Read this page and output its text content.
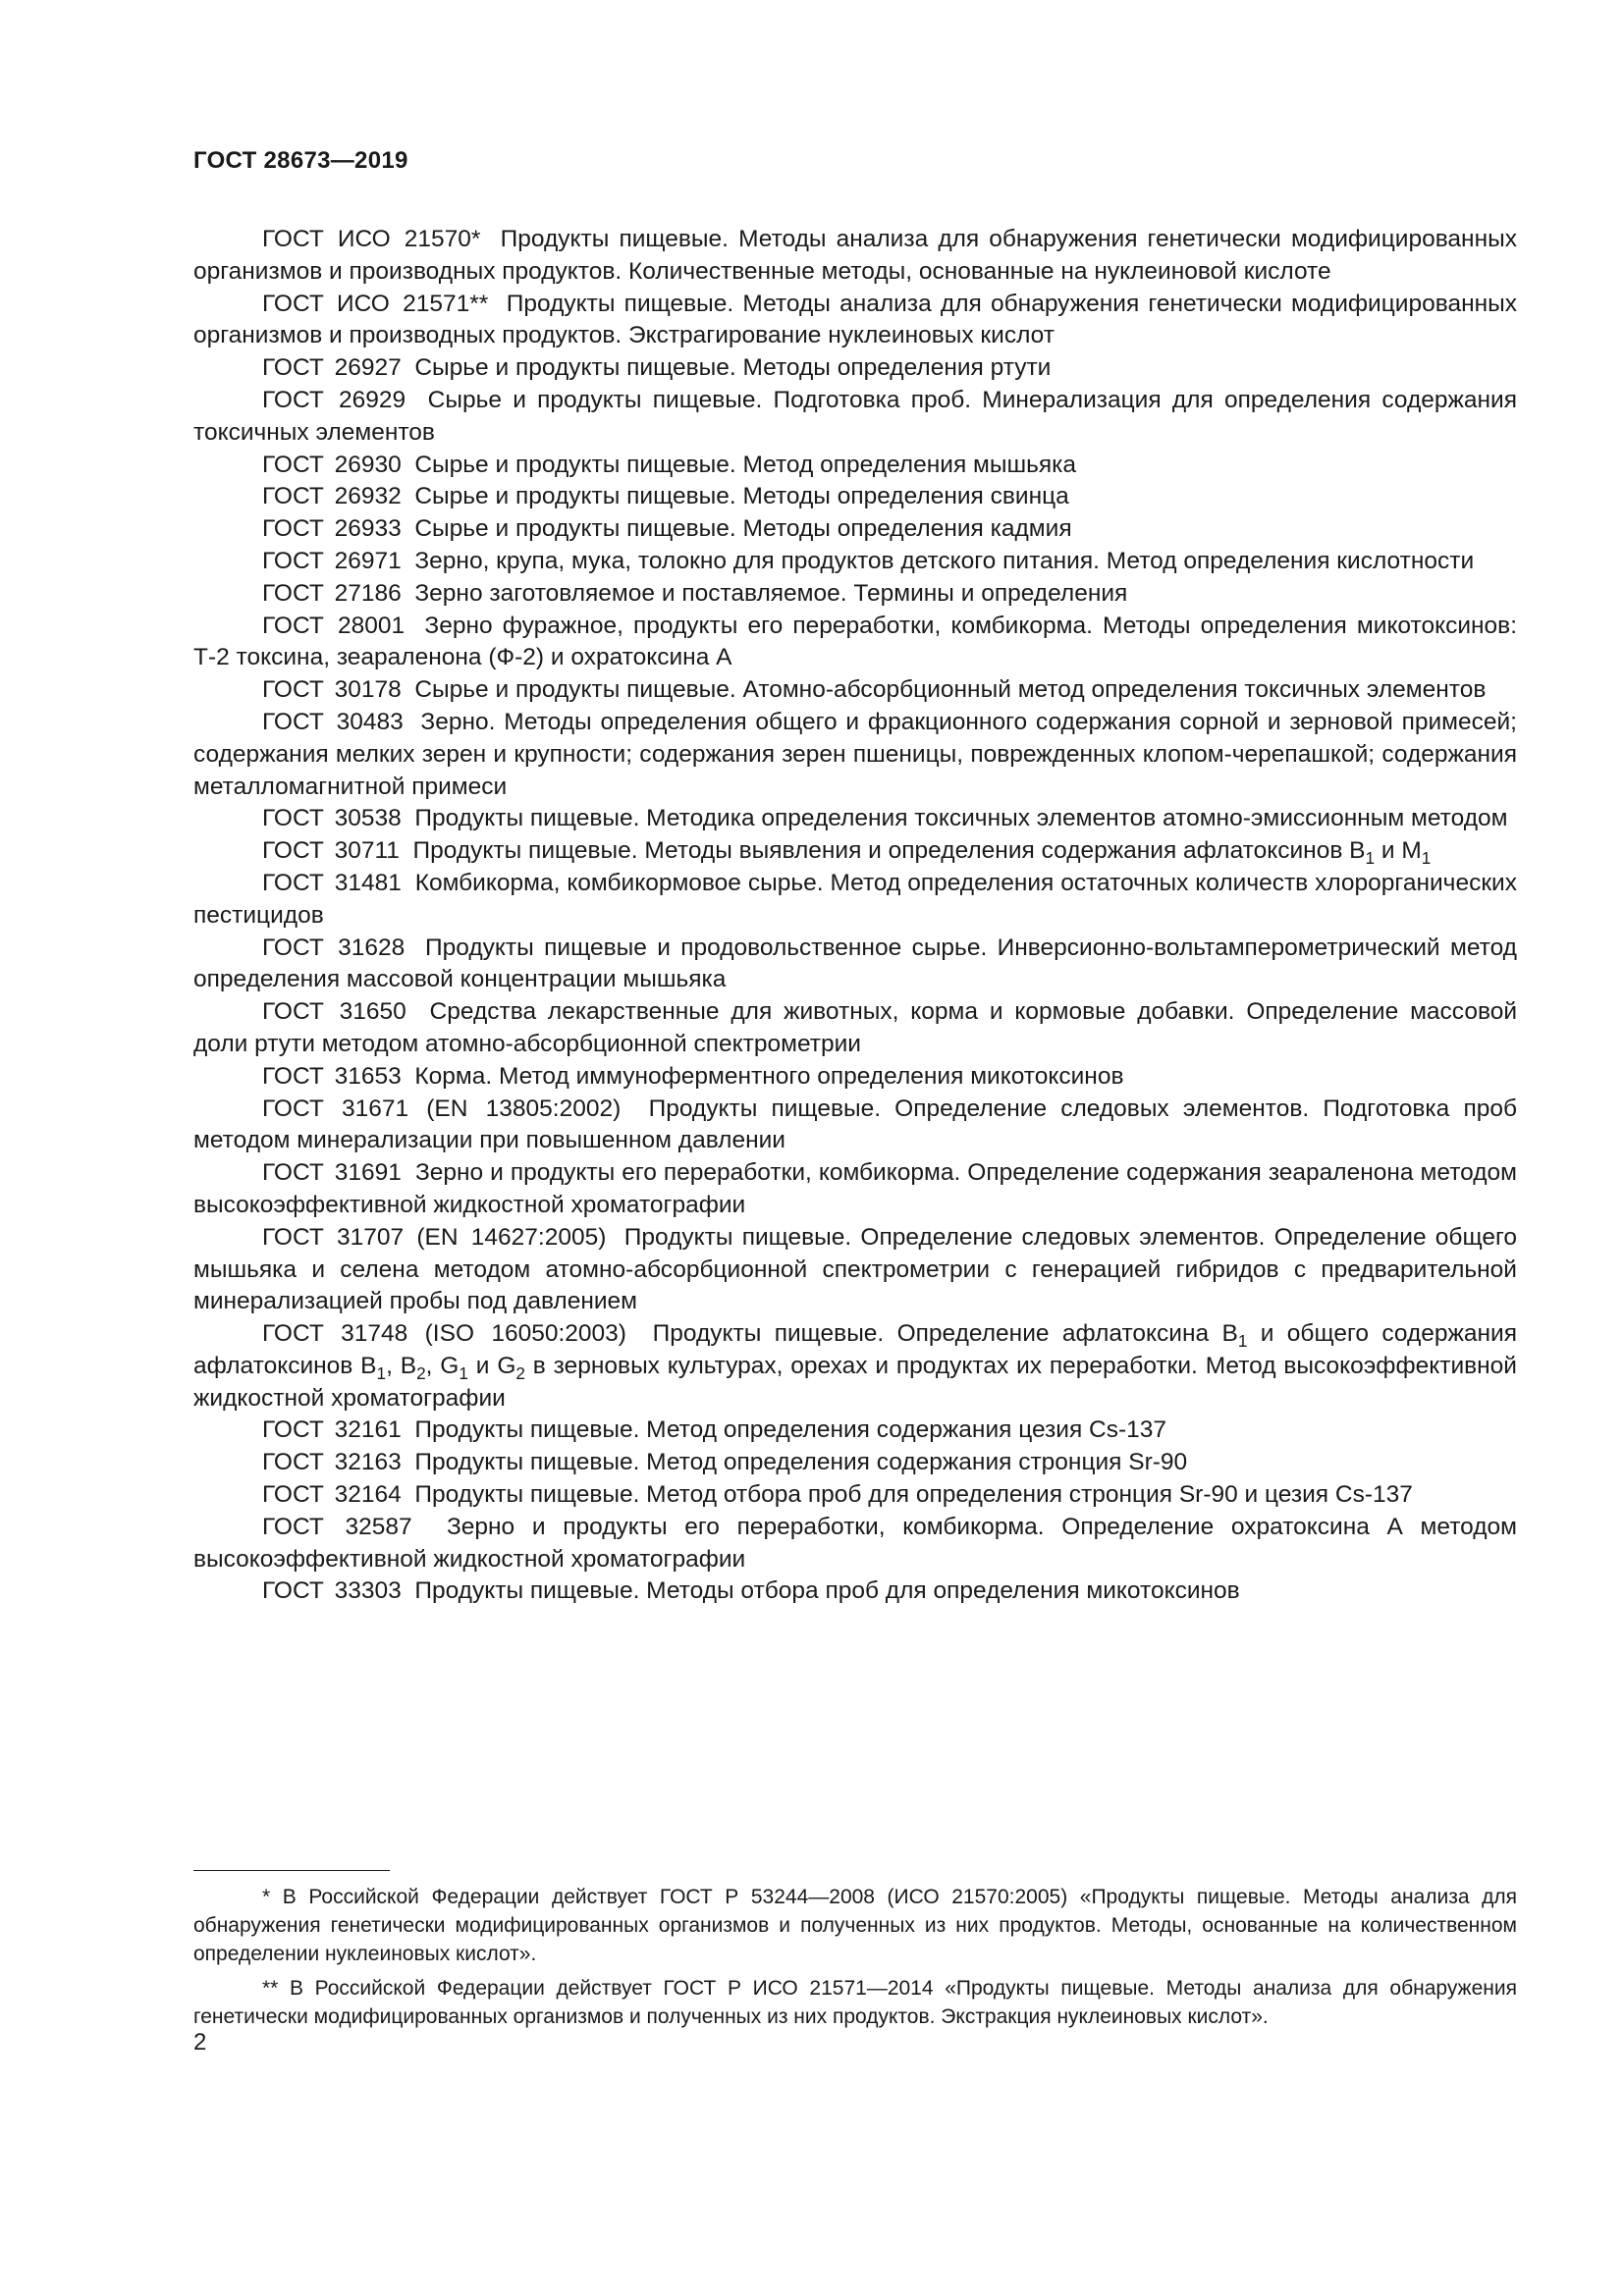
ГОСТ 28673—2019

ГОСТ ИСО 21570* Продукты пищевые. Методы анализа для обнаружения генетически модифицированных организмов и производных продуктов. Количественные методы, основанные на нуклеиновой кислоте

ГОСТ ИСО 21571** Продукты пищевые. Методы анализа для обнаружения генетически модифицированных организмов и производных продуктов. Экстрагирование нуклеиновых кислот

ГОСТ 26927 Сырье и продукты пищевые. Методы определения ртути

ГОСТ 26929 Сырье и продукты пищевые. Подготовка проб. Минерализация для определения содержания токсичных элементов

ГОСТ 26930 Сырье и продукты пищевые. Метод определения мышьяка

ГОСТ 26932 Сырье и продукты пищевые. Методы определения свинца

ГОСТ 26933 Сырье и продукты пищевые. Методы определения кадмия

ГОСТ 26971 Зерно, крупа, мука, толокно для продуктов детского питания. Метод определения кислотности

ГОСТ 27186 Зерно заготовляемое и поставляемое. Термины и определения

ГОСТ 28001 Зерно фуражное, продукты его переработки, комбикорма. Методы определения микотоксинов: Т-2 токсина, зеараленона (Ф-2) и охратоксина А

ГОСТ 30178 Сырье и продукты пищевые. Атомно-абсорбционный метод определения токсичных элементов

ГОСТ 30483 Зерно. Методы определения общего и фракционного содержания сорной и зерновой примесей; содержания мелких зерен и крупности; содержания зерен пшеницы, поврежденных клопом-черепашкой; содержания металломагнитной примеси

ГОСТ 30538 Продукты пищевые. Методика определения токсичных элементов атомно-эмиссионным методом

ГОСТ 30711 Продукты пищевые. Методы выявления и определения содержания афлатоксинов $B_1$ и $M_1$

ГОСТ 31481 Комбикорма, комбикормовое сырье. Метод определения остаточных количеств хлорорганических пестицидов

ГОСТ 31628 Продукты пищевые и продовольственное сырье. Инверсионно-вольтамперометрический метод определения массовой концентрации мышьяка

ГОСТ 31650 Средства лекарственные для животных, корма и кормовые добавки. Определение массовой доли ртути методом атомно-абсорбционной спектрометрии

ГОСТ 31653 Корма. Метод иммуноферментного определения микотоксинов

ГОСТ 31671 (EN 13805:2002) Продукты пищевые. Определение следовых элементов. Подготовка проб методом минерализации при повышенном давлении

ГОСТ 31691 Зерно и продукты его переработки, комбикорма. Определение содержания зеараленона методом высокоэффективной жидкостной хроматографии

ГОСТ 31707 (EN 14627:2005) Продукты пищевые. Определение следовых элементов. Определение общего мышьяка и селена методом атомно-абсорбционной спектрометрии с генерацией гибридов с предварительной минерализацией пробы под давлением

ГОСТ 31748 (ISO 16050:2003) Продукты пищевые. Определение афлатоксина $B_1$ и общего содержания афлатоксинов $B_1$, $B_2$, $G_1$ и $G_2$ в зерновых культурах, орехах и продуктах их переработки. Метод высокоэффективной жидкостной хроматографии

ГОСТ 32161 Продукты пищевые. Метод определения содержания цезия Cs-137

ГОСТ 32163 Продукты пищевые. Метод определения содержания стронция Sr-90

ГОСТ 32164 Продукты пищевые. Метод отбора проб для определения стронция Sr-90 и цезия Cs-137

ГОСТ 32587 Зерно и продукты его переработки, комбикорма. Определение охратоксина А методом высокоэффективной жидкостной хроматографии

ГОСТ 33303 Продукты пищевые. Методы отбора проб для определения микотоксинов

* В Российской Федерации действует ГОСТ Р 53244—2008 (ИСО 21570:2005) «Продукты пищевые. Методы анализа для обнаружения генетически модифицированных организмов и полученных из них продуктов. Методы, основанные на количественном определении нуклеиновых кислот».

** В Российской Федерации действует ГОСТ Р ИСО 21571—2014 «Продукты пищевые. Методы анализа для обнаружения генетически модифицированных организмов и полученных из них продуктов. Экстракция нуклеиновых кислот».

2
